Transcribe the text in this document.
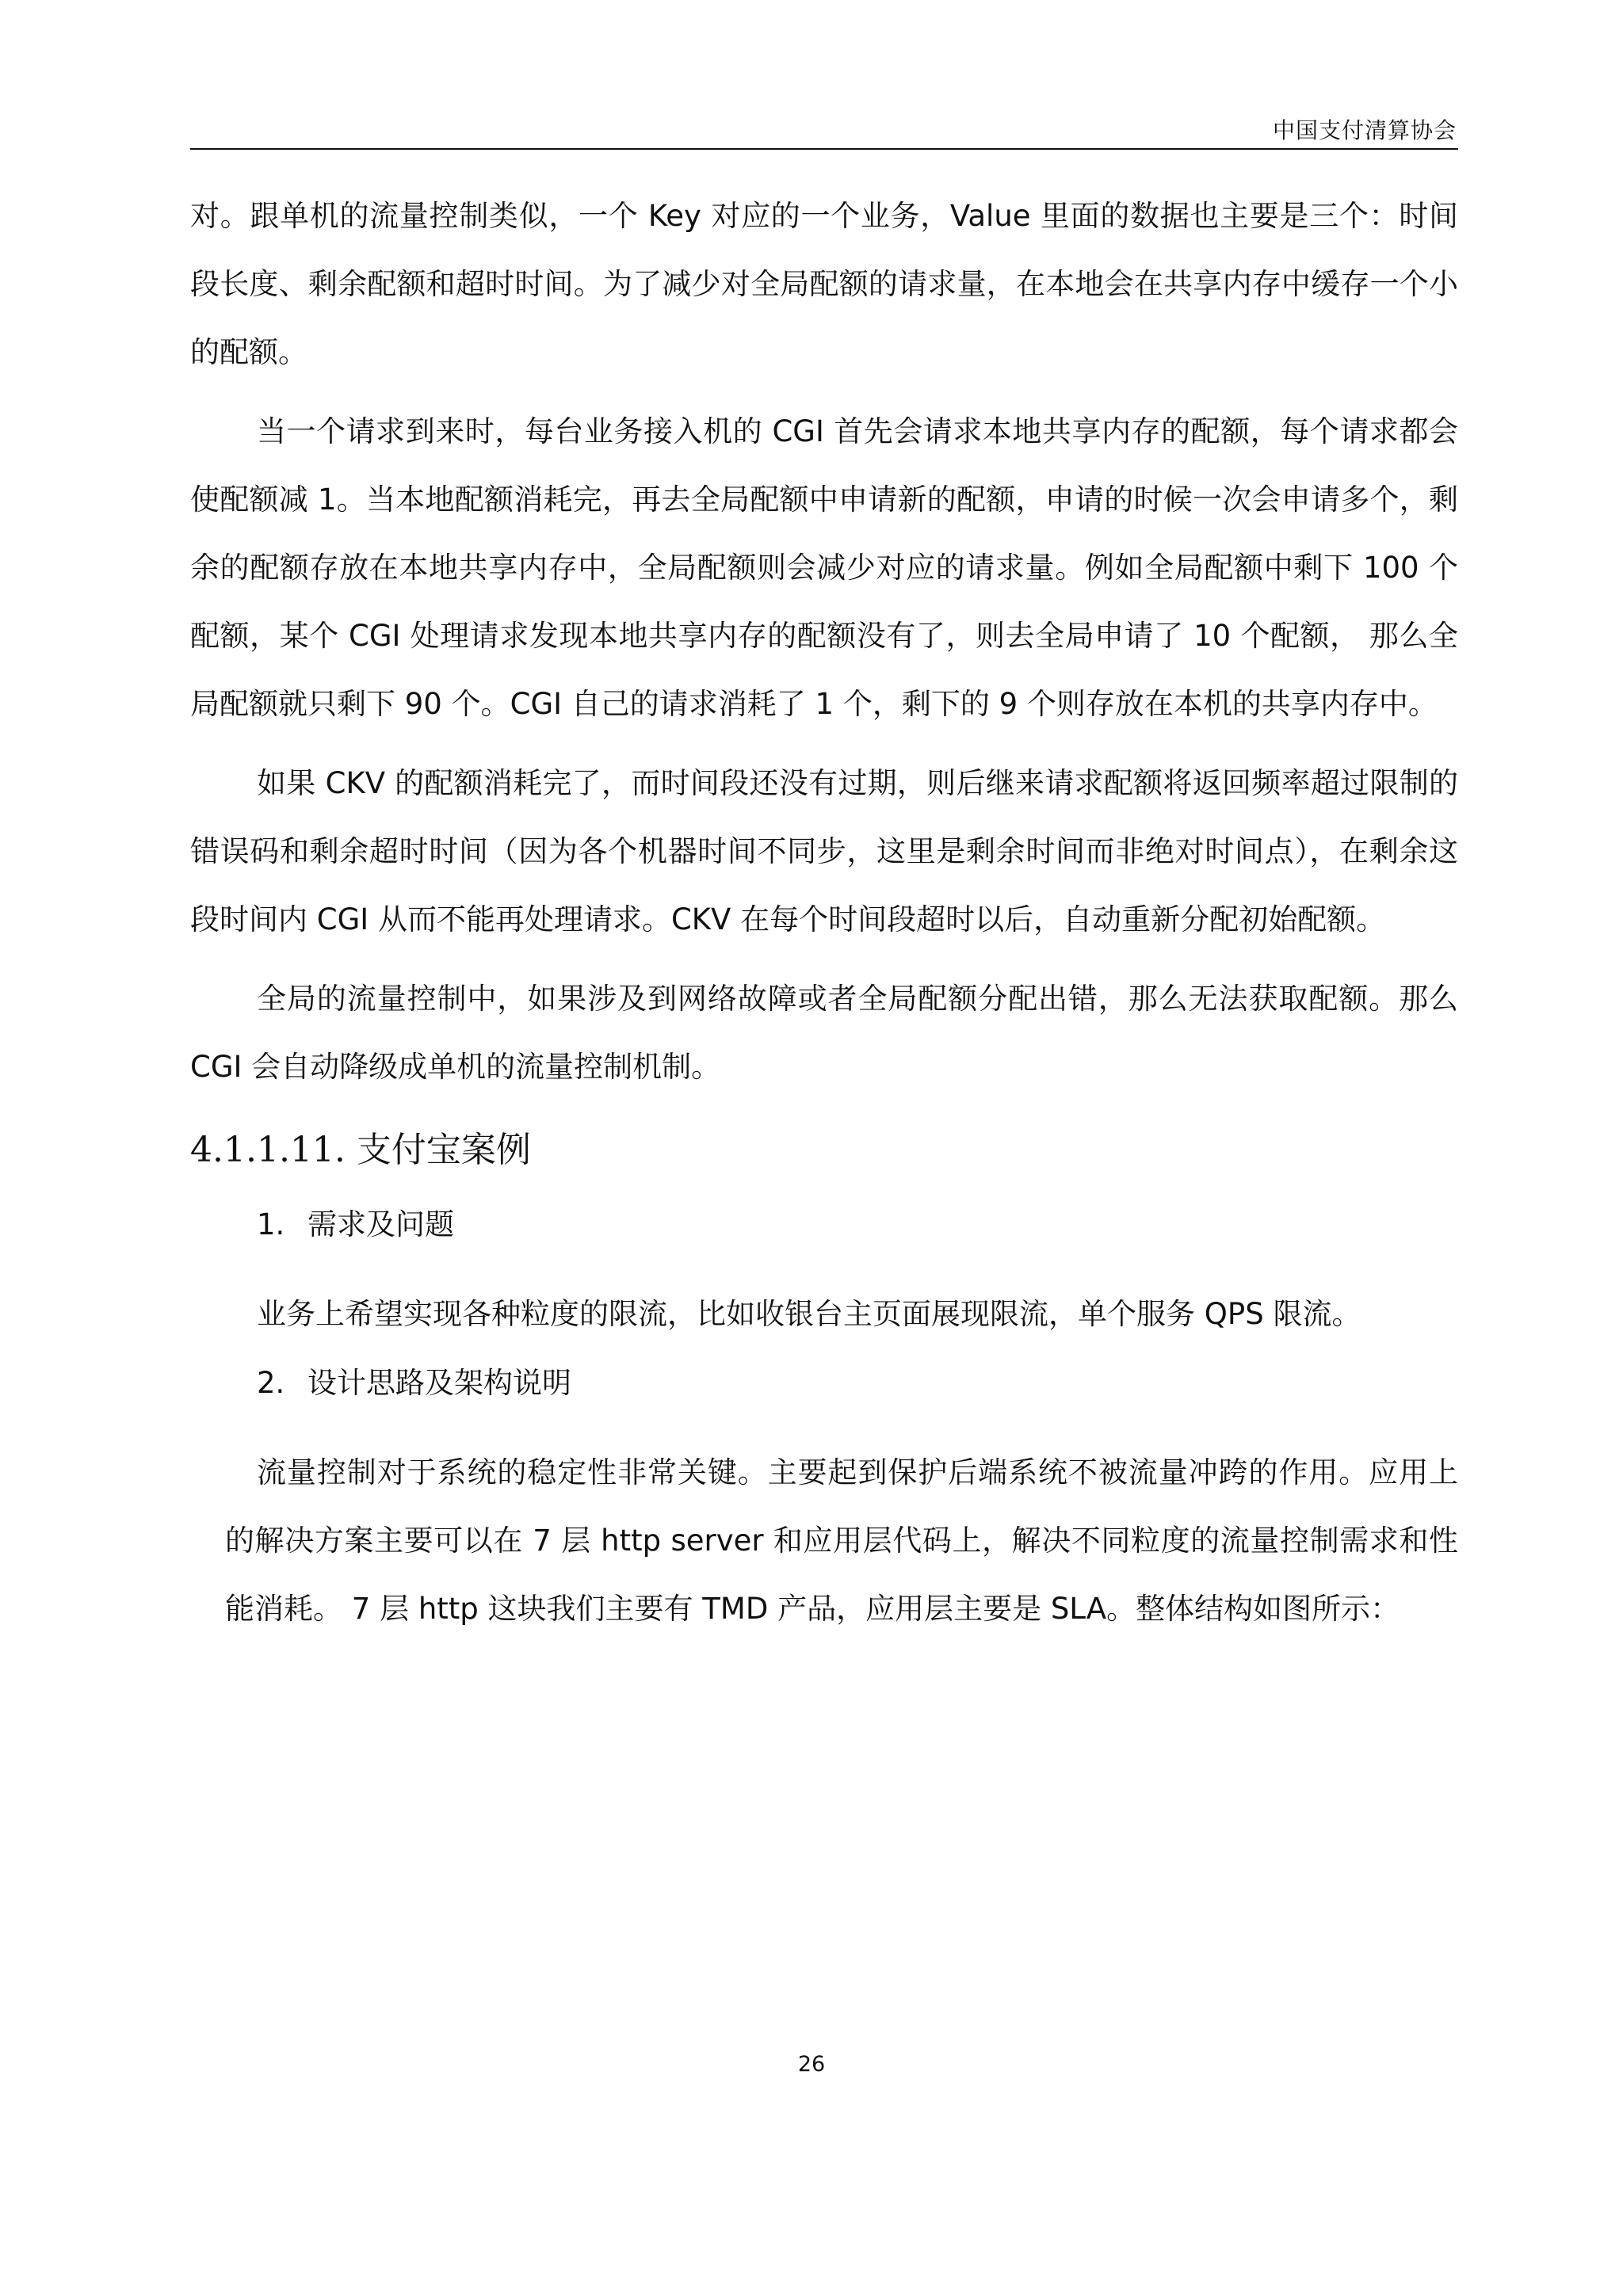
中国支付清算协会

对。跟单机的流量控制类似，一个 Key 对应的一个业务，Value 里面的数据也主要是三个：时间段长度、剩余配额和超时时间。为了减少对全局配额的请求量，在本地会在共享内存中缓存一个小的配额。

当一个请求到来时，每台业务接入机的 CGI 首先会请求本地共享内存的配额，每个请求都会使配额减 1。当本地配额消耗完，再去全局配额中申请新的配额，申请的时候一次会申请多个，剩余的配额存放在本地共享内存中，全局配额则会减少对应的请求量。例如全局配额中剩下 100 个配额，某个 CGI 处理请求发现本地共享内存的配额没有了，则去全局申请了 10 个配额， 那么全局配额就只剩下 90 个。CGI 自己的请求消耗了 1 个，剩下的 9 个则存放在本机的共享内存中。

如果 CKV 的配额消耗完了，而时间段还没有过期，则后继来请求配额将返回频率超过限制的错误码和剩余超时时间（因为各个机器时间不同步，这里是剩余时间而非绝对时间点），在剩余这段时间内 CGI 从而不能再处理请求。CKV 在每个时间段超时以后，自动重新分配初始配额。

全局的流量控制中，如果涉及到网络故障或者全局配额分配出错，那么无法获取配额。那么 CGI 会自动降级成单机的流量控制机制。

4.1.1.11. 支付宝案例
1. 需求及问题

业务上希望实现各种粒度的限流，比如收银台主页面展现限流，单个服务 QPS 限流。

2. 设计思路及架构说明

流量控制对于系统的稳定性非常关键。主要起到保护后端系统不被流量冲跨的作用。应用上的解决方案主要可以在 7 层 http server 和应用层代码上，解决不同粒度的流量控制需求和性能消耗。 7 层 http 这块我们主要有 TMD 产品，应用层主要是 SLA。整体结构如图所示：

26
